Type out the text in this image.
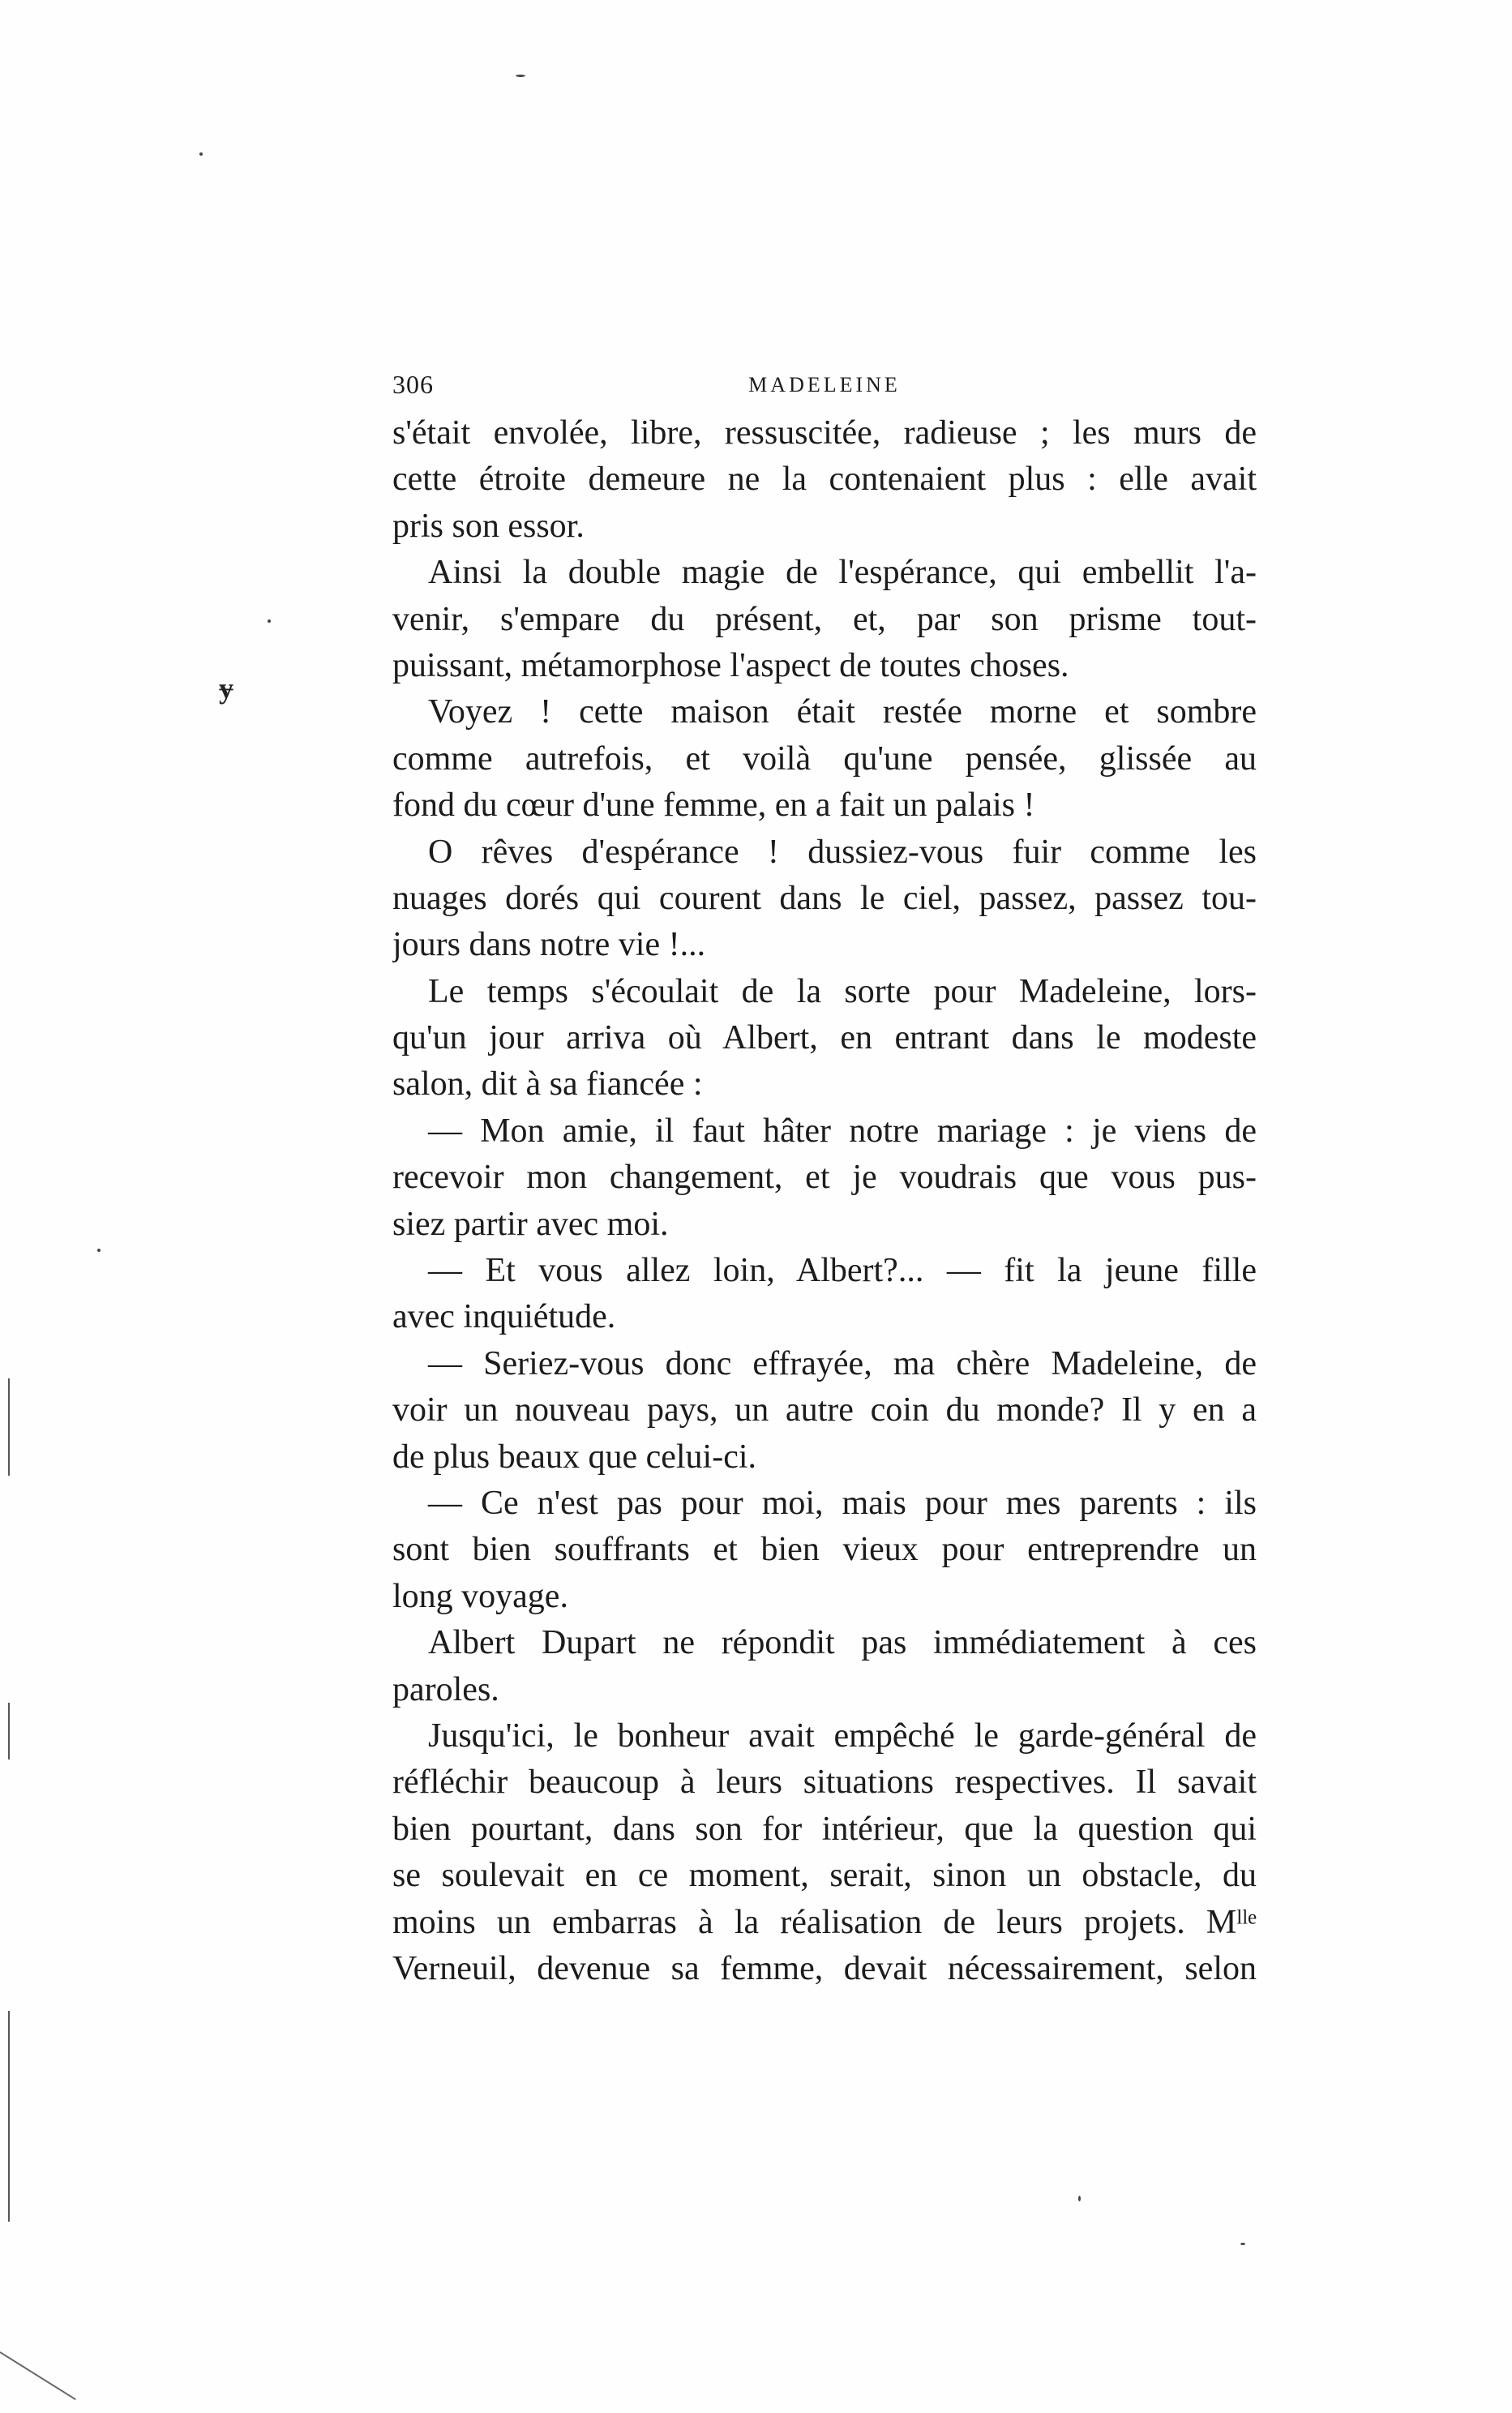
306	MADELEINE
ɏ
s'était envolée, libre, ressuscitée, radieuse ; les murs de
cette étroite demeure ne la contenaient plus : elle avait
pris son essor.
Ainsi la double magie de l'espérance, qui embellit l'a-
venir, s'empare du présent, et, par son prisme tout-
puissant, métamorphose l'aspect de toutes choses.
Voyez ! cette maison était restée morne et sombre
comme autrefois, et voilà qu'une pensée, glissée au
fond du cœur d'une femme, en a fait un palais !
O rêves d'espérance ! dussiez-vous fuir comme les
nuages dorés qui courent dans le ciel, passez, passez tou-
jours dans notre vie !...
Le temps s'écoulait de la sorte pour Madeleine, lors-
qu'un jour arriva où Albert, en entrant dans le modeste
salon, dit à sa fiancée :
— Mon amie, il faut hâter notre mariage : je viens de
recevoir mon changement, et je voudrais que vous pus-
siez partir avec moi.
— Et vous allez loin, Albert?... — fit la jeune fille
avec inquiétude.
— Seriez-vous donc effrayée, ma chère Madeleine, de
voir un nouveau pays, un autre coin du monde? Il y en a
de plus beaux que celui-ci.
— Ce n'est pas pour moi, mais pour mes parents : ils
sont bien souffrants et bien vieux pour entreprendre un
long voyage.
Albert Dupart ne répondit pas immédiatement à ces
paroles.
Jusqu'ici, le bonheur avait empêché le garde-général de
réfléchir beaucoup à leurs situations respectives. Il savait
bien pourtant, dans son for intérieur, que la question qui
se soulevait en ce moment, serait, sinon un obstacle, du
moins un embarras à la réalisation de leurs projets. Mˡˡᵉ
Verneuil, devenue sa femme, devait nécessairement, selon
